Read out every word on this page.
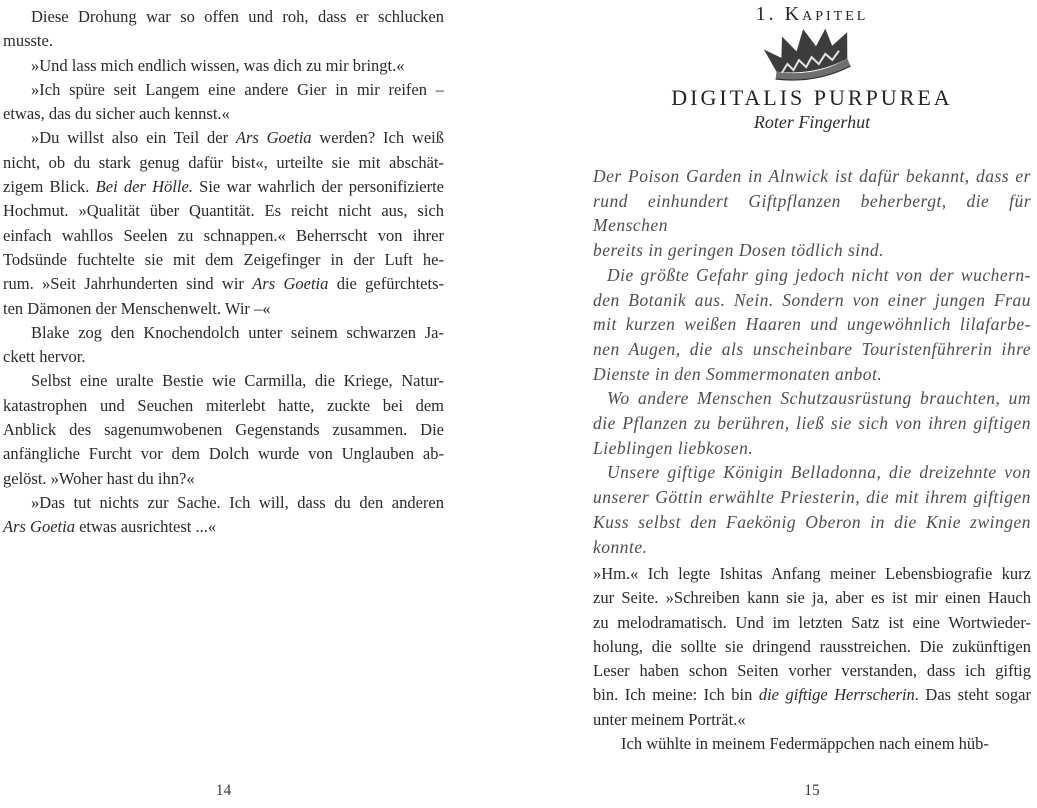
Diese Drohung war so offen und roh, dass er schlucken
musste.
»Und lass mich endlich wissen, was dich zu mir bringt.«
»Ich spüre seit Langem eine andere Gier in mir reifen –
etwas, das du sicher auch kennst.«
»Du willst also ein Teil der Ars Goetia werden? Ich weiß
nicht, ob du stark genug dafür bist«, urteilte sie mit abschät-
zigem Blick. Bei der Hölle. Sie war wahrlich der personifizierte
Hochmut. »Qualität über Quantität. Es reicht nicht aus, sich
einfach wahllos Seelen zu schnappen.« Beherrscht von ihrer
Todsünde fuchtelte sie mit dem Zeigefinger in der Luft he-
rum. »Seit Jahrhunderten sind wir Ars Goetia die gefürchtets-
ten Dämonen der Menschenwelt. Wir –«
Blake zog den Knochendolch unter seinem schwarzen Ja-
ckett hervor.
Selbst eine uralte Bestie wie Carmilla, die Kriege, Natur-
katastrophen und Seuchen miterlebt hatte, zuckte bei dem
Anblick des sagenumwobenen Gegenstands zusammen. Die
anfängliche Furcht vor dem Dolch wurde von Unglauben ab-
gelöst. »Woher hast du ihn?«
»Das tut nichts zur Sache. Ich will, dass du den anderen
Ars Goetia etwas ausrichtest ...«
14
1. Kapitel
DIGITALIS PURPUREA
Roter Fingerhut
Der Poison Garden in Alnwick ist dafür bekannt, dass er
rund einhundert Giftpflanzen beherbergt, die für Menschen
bereits in geringen Dosen tödlich sind.
Die größte Gefahr ging jedoch nicht von der wuchern-
den Botanik aus. Nein. Sondern von einer jungen Frau
mit kurzen weißen Haaren und ungewöhnlich lilafarbe-
nen Augen, die als unscheinbare Touristenführerin ihre
Dienste in den Sommermonaten anbot.
Wo andere Menschen Schutzausrüstung brauchten, um
die Pflanzen zu berühren, ließ sie sich von ihren giftigen
Lieblingen liebkosen.
Unsere giftige Königin Belladonna, die dreizehnte von
unserer Göttin erwählte Priesterin, die mit ihrem giftigen
Kuss selbst den Faekönig Oberon in die Knie zwingen
konnte.
»Hm.« Ich legte Ishitas Anfang meiner Lebensbiografie kurz
zur Seite. »Schreiben kann sie ja, aber es ist mir einen Hauch
zu melodramatisch. Und im letzten Satz ist eine Wortwieder-
holung, die sollte sie dringend rausstreichen. Die zukünftigen
Leser haben schon Seiten vorher verstanden, dass ich giftig
bin. Ich meine: Ich bin die giftige Herrscherin. Das steht sogar
unter meinem Porträt.«
Ich wühlte in meinem Federmäppchen nach einem hüb-
15
